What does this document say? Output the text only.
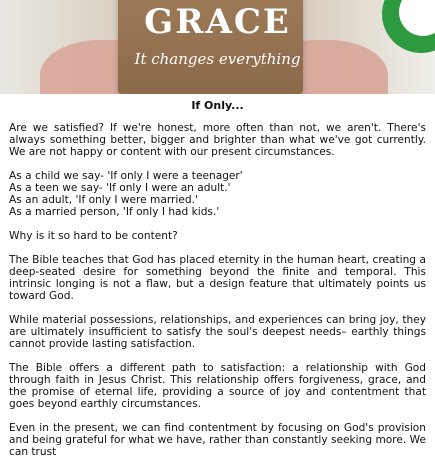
GRACE
It changes everything
If Only...

Are we satisfied? If we're honest, more often than not, we aren't. There's always something better, bigger and brighter than what we've got currently. We are not happy or content with our present circumstances.

As a child we say- 'If only I were a teenager'
As a teen we say- 'If only I were an adult.'
As an adult, 'If only I were married.'
As a married person, 'If only I had kids.'

Why is it so hard to be content?

The Bible teaches that God has placed eternity in the human heart, creating a deep-seated desire for something beyond the finite and temporal. This intrinsic longing is not a flaw, but a design feature that ultimately points us toward God.

While material possessions, relationships, and experiences can bring joy, they are ultimately insufficient to satisfy the soul's deepest needs– earthly things cannot provide lasting satisfaction.

The Bible offers a different path to satisfaction: a relationship with God through faith in Jesus Christ. This relationship offers forgiveness, grace, and the promise of eternal life, providing a source of joy and contentment that goes beyond earthly circumstances.

Even in the present, we can find contentment by focusing on God's provision and being grateful for what we have, rather than constantly seeking more. We can trust
